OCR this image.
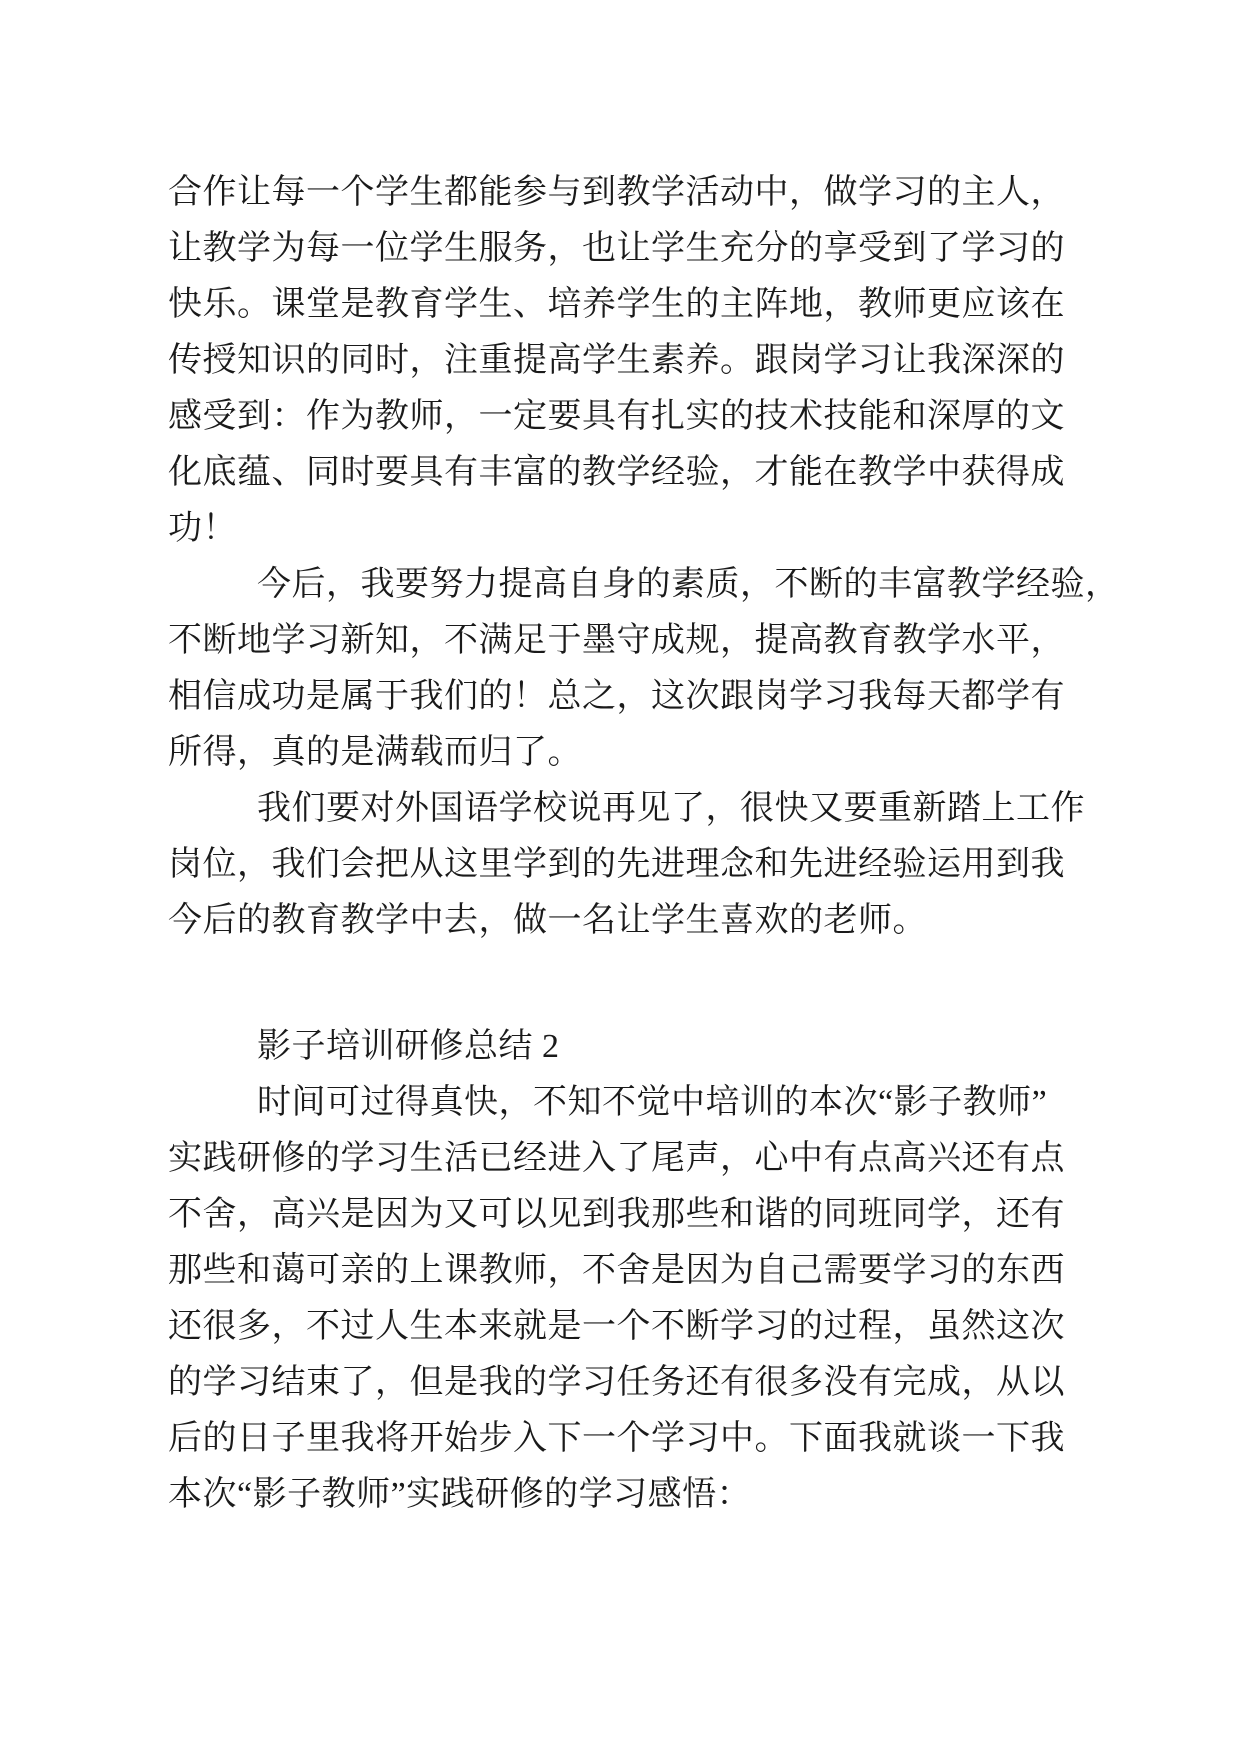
合作让每一个学生都能参与到教学活动中，做学习的主人，
让教学为每一位学生服务，也让学生充分的享受到了学习的
快乐。课堂是教育学生、培养学生的主阵地，教师更应该在
传授知识的同时，注重提高学生素养。跟岗学习让我深深的
感受到：作为教师，一定要具有扎实的技术技能和深厚的文
化底蕴、同时要具有丰富的教学经验，才能在教学中获得成
功！
今后，我要努力提高自身的素质，不断的丰富教学经验，
不断地学习新知，不满足于墨守成规，提高教育教学水平，
相信成功是属于我们的！总之，这次跟岗学习我每天都学有
所得，真的是满载而归了。
我们要对外国语学校说再见了，很快又要重新踏上工作
岗位，我们会把从这里学到的先进理念和先进经验运用到我
今后的教育教学中去，做一名让学生喜欢的老师。
影子培训研修总结 2
时间可过得真快，不知不觉中培训的本次“影子教师”
实践研修的学习生活已经进入了尾声，心中有点高兴还有点
不舍，高兴是因为又可以见到我那些和谐的同班同学，还有
那些和蔼可亲的上课教师，不舍是因为自己需要学习的东西
还很多，不过人生本来就是一个不断学习的过程，虽然这次
的学习结束了，但是我的学习任务还有很多没有完成，从以
后的日子里我将开始步入下一个学习中。下面我就谈一下我
本次“影子教师”实践研修的学习感悟：
